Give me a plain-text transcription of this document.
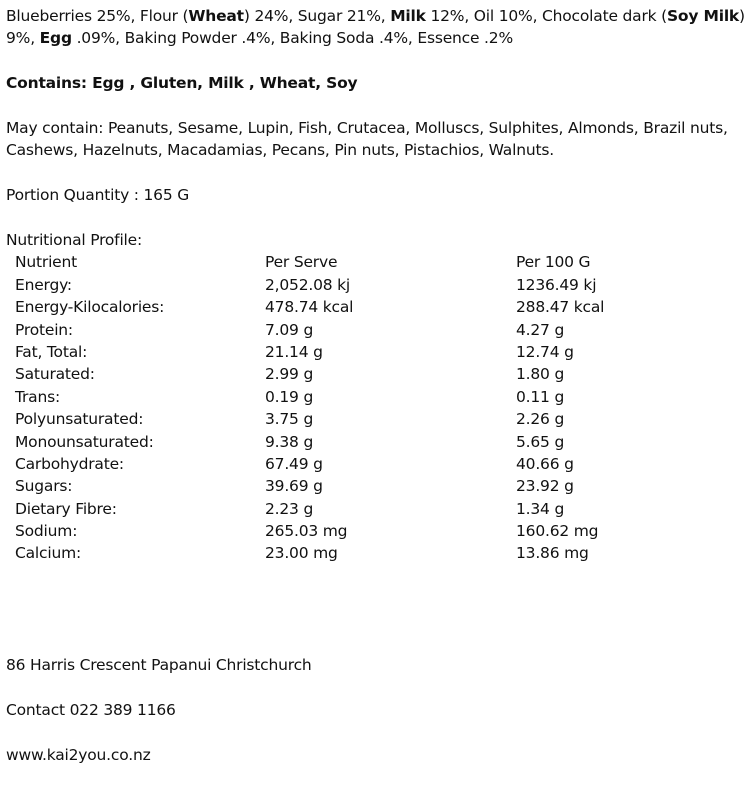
Blueberries 25%, Flour (Wheat) 24%, Sugar 21%, Milk 12%, Oil 10%, Chocolate dark (Soy Milk) 9%, Egg .09%, Baking Powder .4%, Baking Soda .4%, Essence .2%

Contains: Egg , Gluten, Milk , Wheat, Soy

May contain: Peanuts, Sesame, Lupin, Fish, Crutacea, Molluscs, Sulphites, Almonds, Brazil nuts, Cashews, Hazelnuts, Macadamias, Pecans, Pin nuts, Pistachios, Walnuts.

Portion Quantity : 165 G

Nutritional Profile:

Nutrient	Per Serve	Per 100 G
Energy:	2,052.08 kj	1236.49 kj
Energy-Kilocalories:	478.74 kcal	288.47 kcal
Protein:	7.09 g	4.27 g
Fat, Total:	21.14 g	12.74 g
Saturated:	2.99 g	1.80 g
Trans:	0.19 g	0.11 g
Polyunsaturated:	3.75 g	2.26 g
Monounsaturated:	9.38 g	5.65 g
Carbohydrate:	67.49 g	40.66 g
Sugars:	39.69 g	23.92 g
Dietary Fibre:	2.23 g	1.34 g
Sodium:	265.03 mg	160.62 mg
Calcium:	23.00 mg	13.86 mg

86 Harris Crescent Papanui Christchurch

Contact 022 389 1166

www.kai2you.co.nz
